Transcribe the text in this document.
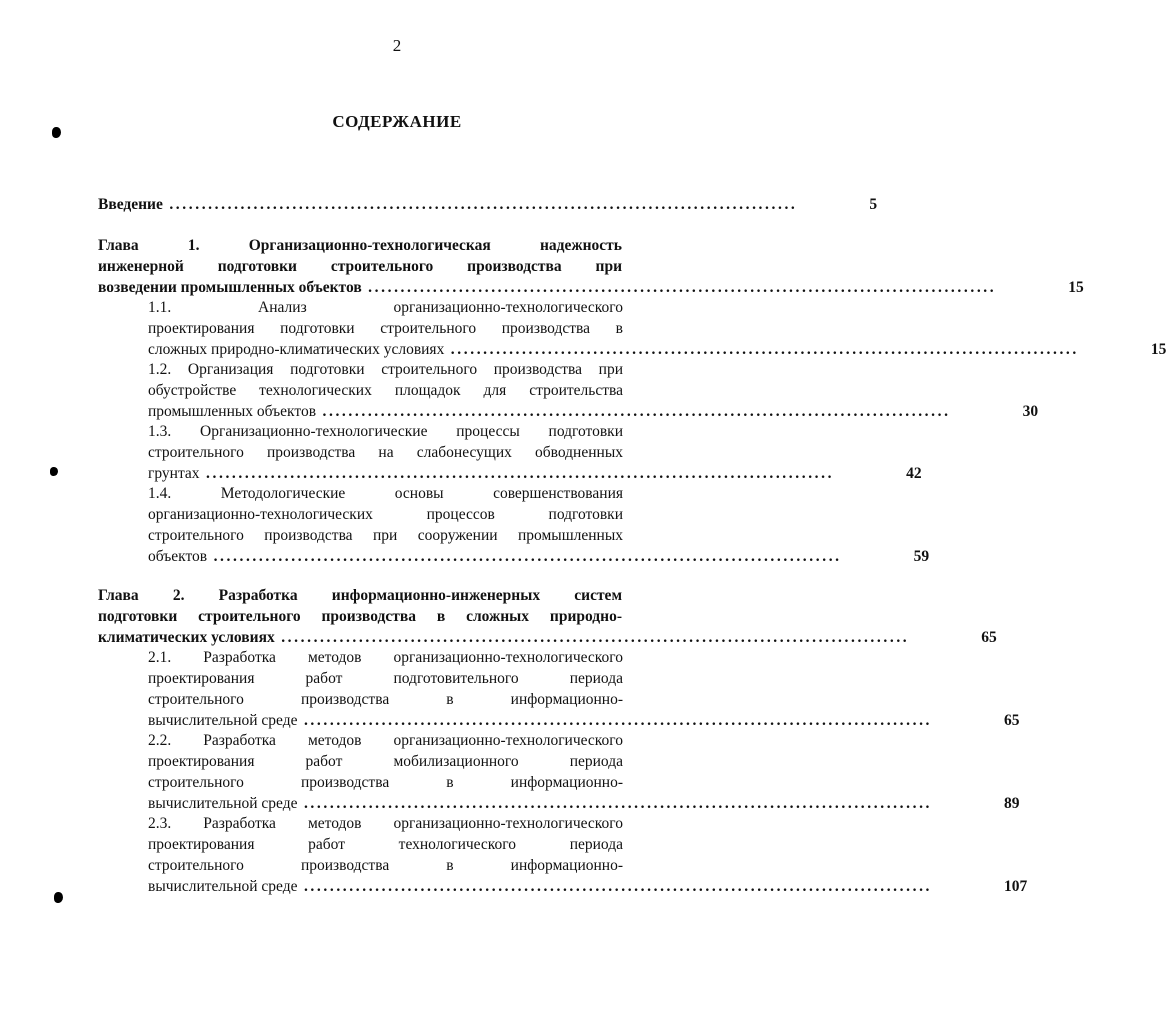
2
СОДЕРЖАНИЕ
Введение .................................................................................................	5
Глава 1. Организационно-технологическая надежность
инженерной подготовки строительного производства при
возведении промышленных объектов .................................................................................................	15
1.1. Анализ организационно-технологического
проектирования подготовки строительного производства в
сложных природно-климатических условиях .................................................................................................	15
1.2. Организация подготовки строительного производства при
обустройстве технологических площадок для строительства
промышленных объектов .................................................................................................	30
1.3. Организационно-технологические процессы подготовки
строительного производства на слабонесущих обводненных
грунтах .................................................................................................	42
1.4. Методологические основы совершенствования
организационно-технологических процессов подготовки
строительного производства при сооружении промышленных
объектов .................................................................................................	59
Глава 2. Разработка информационно-инженерных систем
подготовки строительного производства в сложных природно-
климатических условиях .................................................................................................	65
2.1. Разработка методов организационно-технологического
проектирования работ подготовительного периода
строительного производства в информационно-
вычислительной среде .................................................................................................	65
2.2. Разработка методов организационно-технологического
проектирования работ мобилизационного периода
строительного производства в информационно-
вычислительной среде .................................................................................................	89
2.3. Разработка методов организационно-технологического
проектирования работ технологического периода
строительного производства в информационно-
вычислительной среде .................................................................................................	107
